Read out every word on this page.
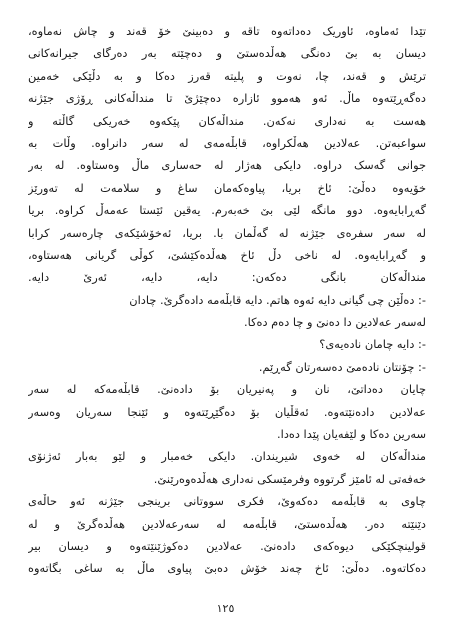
تێدا ئەماوە، ئاوریک دەداتەوە تاقە و دەبینێ خۆ قەند و چاش نەماوە،
دیسان بە بێ دەنگی هەڵدەستێ و دەچێتە بەر دەرگای جیرانەکانی
ترێش و قەند، چا، نەوت و پلیتە قەرز دەکا و بە دڵێکی خەمین
دەگەڕێتەوە ماڵ. ئەو هەموو ئازارە دەچێژێ تا منداڵەکانی ڕۆژی جێژنە
هەست بە نەداری نەکەن. منداڵەکان پێکەوە خەریکی گاڵتە و
سواعبەتن. عەلادین هەڵکراوە، قابڵەمەی لە سەر دانراوە. وڵات بە
جوانی گەسک دراوە. دایکی هەژار لە حەساری ماڵ وەستاوە. لە بەر
خۆیەوە دەڵێ: ئاخ بریا، پیاوەکەمان ساغ و سلامەت لە تەورێز
گەڕابایەوە. دوو مانگە لێی بێ خەبەرم. یەقین ئێستا عەمەڵ کراوە. بریا
لە سەر سفرەی جێژنە لە گەڵمان با. بریا، ئەخۆشێکەی چارەسەر کرابا
و گەڕابایەوە. لە ناخی دڵ ئاخ هەڵدەکێشێ، کوڵی گریانی هەستاوە،
منداڵەکان بانگی دەکەن: دایە، دایە، ئەرێ دایە.
-: دەڵێن چی گیانی دایە ئەوە هاتم. دایە قابڵەمە دادەگرێ. چادان
لەسەر عەلادین دا دەنێ و چا دەم دەکا.
-: دایە چامان نادەیەی؟
-: چۆنتان نادەمێ دەسەرتان گەڕێم.
چایان دەداتێ، نان و پەنیریان بۆ دادەنێ. قابڵەمەکە لە سەر
عەلادین دادەنێتەوە. ئەقڵیان بۆ دەگێڕێتەوە و ئێنجا سەریان وەسەر
سەرین دەکا و لێفەیان پێدا دەدا.
منداڵەکان لە خەوی شیریندان. دایکی خەمبار و لێو بەبار ئەژنۆی
خەفەتی لە ئامێز گرتووە وفرمێسکی نەداری هەڵدەوەرێنێ.
چاوی بە قابڵەمە دەکەوێ، فکری سووتانی برینجی جێژنە ئەو حاڵەی
دێنێتە دەر. هەڵدەستێ، قابڵەمە لە سەرعەلادین هەڵدەگرێ و لە
قولینچکێکی دیوەکەی دادەنێ. عەلادین دەکوژێنێتەوە و دیسان بیر
دەکاتەوە. دەڵێ: ئاخ چەند خۆش دەبێ پیاوی ماڵ بە ساغی بگاتەوە
١٢٥
